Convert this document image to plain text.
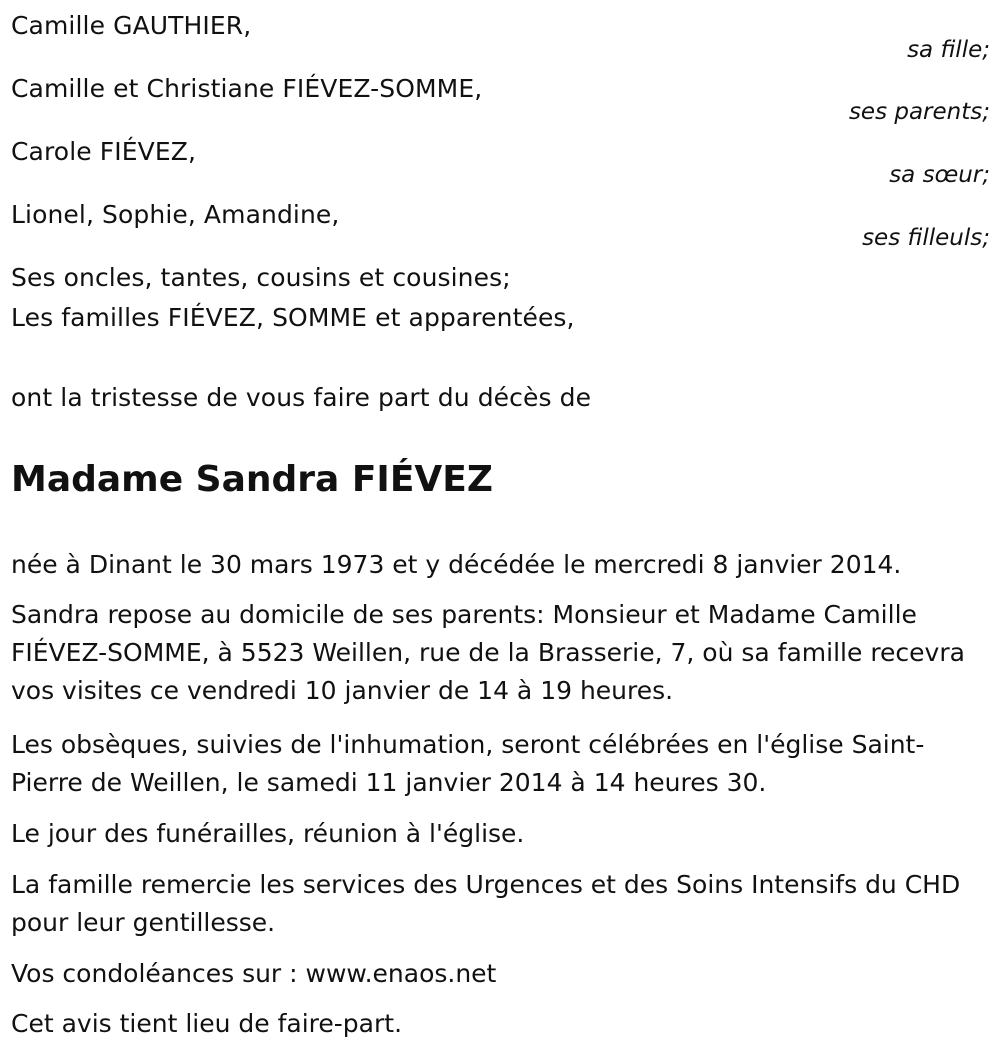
Camille GAUTHIER,
sa fille;
Camille et Christiane FIÉVEZ-SOMME,
ses parents;
Carole FIÉVEZ,
sa sœur;
Lionel, Sophie, Amandine,
ses filleuls;
Ses oncles, tantes, cousins et cousines;
Les familles FIÉVEZ, SOMME et apparentées,
ont la tristesse de vous faire part du décès de
Madame Sandra FIÉVEZ
née à Dinant le 30 mars 1973 et y décédée le mercredi 8 janvier 2014.
Sandra repose au domicile de ses parents: Monsieur et Madame Camille FIÉVEZ-SOMME, à 5523 Weillen, rue de la Brasserie, 7, où sa famille recevra vos visites ce vendredi 10 janvier de 14 à 19 heures.
Les obsèques, suivies de l'inhumation, seront célébrées en l'église Saint-Pierre de Weillen, le samedi 11 janvier 2014 à 14 heures 30.
Le jour des funérailles, réunion à l'église.
La famille remercie les services des Urgences et des Soins Intensifs du CHD pour leur gentillesse.
Vos condoléances sur : www.enaos.net
Cet avis tient lieu de faire-part.
